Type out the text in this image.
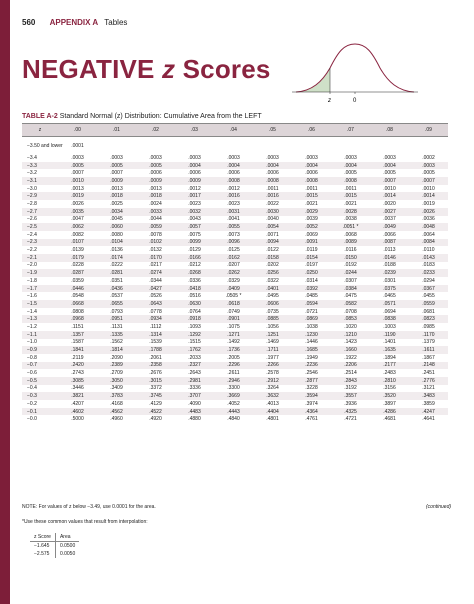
560 APPENDIX A Tables
NEGATIVE z Scores
z	0
TABLE A-2 Standard Normal (z) Distribution: Cumulative Area from the LEFT
z	.00	.01	.02	.03	.04	.05	.06	.07	.08	.09
−3.50 and lower	.0001									
−3.4	.0003	.0003	.0003	.0003	.0003	.0003	.0003	.0003	.0003	.0002
−3.3	.0005	.0005	.0005	.0004	.0004	.0004	.0004	.0004	.0004	.0003
−3.2	.0007	.0007	.0006	.0006	.0006	.0006	.0006	.0005	.0005	.0005
−3.1	.0010	.0009	.0009	.0009	.0008	.0008	.0008	.0008	.0007	.0007
−3.0	.0013	.0013	.0013	.0012	.0012	.0011	.0011	.0011	.0010	.0010
−2.9	.0019	.0018	.0018	.0017	.0016	.0016	.0015	.0015	.0014	.0014
−2.8	.0026	.0025	.0024	.0023	.0023	.0022	.0021	.0021	.0020	.0019
−2.7	.0035	.0034	.0033	.0032	.0031	.0030	.0029	.0028	.0027	.0026
−2.6	.0047	.0045	.0044	.0043	.0041	.0040	.0039	.0038	.0037	.0036
−2.5	.0062	.0060	.0059	.0057	.0055	.0054	.0052	.0051 *	.0049	.0048
−2.4	.0082	.0080	.0078	.0075	.0073	.0071	.0069	.0068	.0066	.0064
−2.3	.0107	.0104	.0102	.0099	.0096	.0094	.0091	.0089	.0087	.0084
−2.2	.0139	.0136	.0132	.0129	.0125	.0122	.0119	.0116	.0113	.0110
−2.1	.0179	.0174	.0170	.0166	.0162	.0158	.0154	.0150	.0146	.0143
−2.0	.0228	.0222	.0217	.0212	.0207	.0202	.0197	.0192	.0188	.0183
−1.9	.0287	.0281	.0274	.0268	.0262	.0256	.0250	.0244	.0239	.0233
−1.8	.0359	.0351	.0344	.0336	.0329	.0322	.0314	.0307	.0301	.0294
−1.7	.0446	.0436	.0427	.0418	.0409	.0401	.0392	.0384	.0375	.0367
−1.6	.0548	.0537	.0526	.0516	.0505 *	.0495	.0485	.0475	.0465	.0455
−1.5	.0668	.0655	.0643	.0630	.0618	.0606	.0594	.0582	.0571	.0559
−1.4	.0808	.0793	.0778	.0764	.0749	.0735	.0721	.0708	.0694	.0681
−1.3	.0968	.0951	.0934	.0918	.0901	.0885	.0869	.0853	.0838	.0823
−1.2	.1151	.1131	.1112	.1093	.1075	.1056	.1038	.1020	.1003	.0985
−1.1	.1357	.1335	.1314	.1292	.1271	.1251	.1230	.1210	.1190	.1170
−1.0	.1587	.1562	.1539	.1515	.1492	.1469	.1446	.1423	.1401	.1379
−0.9	.1841	.1814	.1788	.1762	.1736	.1711	.1685	.1660	.1635	.1611
−0.8	.2119	.2090	.2061	.2033	.2005	.1977	.1949	.1922	.1894	.1867
−0.7	.2420	.2389	.2358	.2327	.2296	.2266	.2236	.2206	.2177	.2148
−0.6	.2743	.2709	.2676	.2643	.2611	.2578	.2546	.2514	.2483	.2451
−0.5	.3085	.3050	.3015	.2981	.2946	.2912	.2877	.2843	.2810	.2776
−0.4	.3446	.3409	.3372	.3336	.3300	.3264	.3228	.3192	.3156	.3121
−0.3	.3821	.3783	.3745	.3707	.3669	.3632	.3594	.3557	.3520	.3483
−0.2	.4207	.4168	.4129	.4090	.4052	.4013	.3974	.3936	.3897	.3859
−0.1	.4602	.4562	.4522	.4483	.4443	.4404	.4364	.4325	.4286	.4247
−0.0	.5000	.4960	.4920	.4880	.4840	.4801	.4761	.4721	.4681	.4641
NOTE: For values of z below −3.49, use 0.0001 for the area.	(continued)
*Use these common values that result from interpolation:
z Score	Area
−1.645	0.0500
−2.575	0.0050
